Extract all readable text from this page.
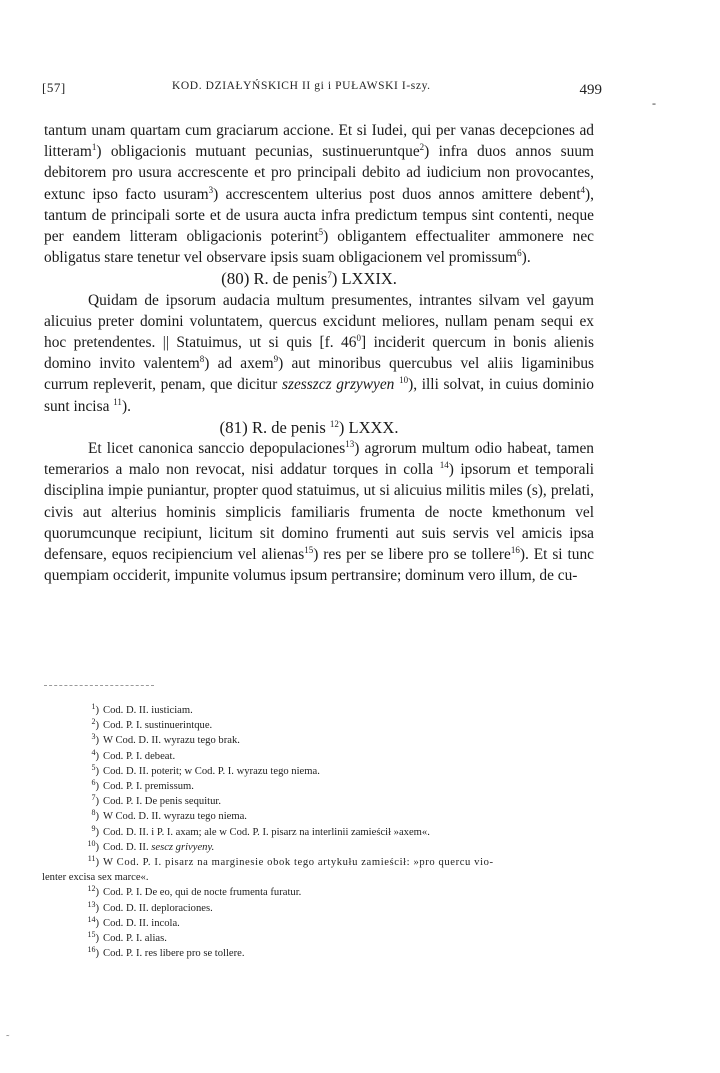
[57]	KOD. DZIAŁYŃSKICH II gi i PUŁAWSKI I-szy.	499
-

tantum unam quartam cum graciarum accione. Et si Iudei, qui per vanas decepciones ad litteram$^1$) obligacionis mutuant pecunias, sustinueruntque$^2$) infra duos annos suum debitorem pro usura accrescente et pro principali debito ad iudicium non provocantes, extunc ipso facto usuram$^3$) accrescentem ulterius post duos annos amittere debent$^4$), tantum de principali sorte et de usura aucta infra predictum tempus sint contenti, neque per eandem litteram obligacionis poterint$^5$) obligantem effectualiter ammonere nec obligatus stare tenetur vel observare ipsis suam obligacionem vel promissum$^6$).

(80) R. de penis$^7$) LXXIX.

Quidam de ipsorum audacia multum presumentes, intrantes silvam vel gayum alicuius preter domini voluntatem, quercus excidunt meliores, nullam penam sequi ex hoc pretendentes. || Statuimus, ut si quis [f. $46^0$] inciderit quercum in bonis alienis domino invito valentem$^8$) ad axem$^9$) aut minoribus quercubus vel aliis ligaminibus currum repleverit, penam, que dicitur szesszcz grzywyen $^{10}$), illi solvat, in cuius dominio sunt incisa $^{11}$).

(81) R. de penis $^{12}$) LXXX.

Et licet canonica sanccio depopulaciones$^{13}$) agrorum multum odio habeat, tamen temerarios a malo non revocat, nisi addatur torques in colla $^{14}$) ipsorum et temporali disciplina impie puniantur, propter quod statuimus, ut si alicuius militis miles (s), prelati, civis aut alterius hominis simplicis familiaris frumenta de nocte kmethonum vel quorumcunque recipiunt, licitum sit domino frumenti aut suis servis vel amicis ipsa defensare, equos recipiencium vel alienas$^{15}$) res per se libere pro se tollere$^{16}$). Et si tunc quempiam occiderit, impunite volumus ipsum pertransire; dominum vero illum, de cu-

$^1$) Cod. D. II. iusticiam.

$^2$) Cod. P. I. sustinuerintque.

$^3$) W Cod. D. II. wyrazu tego brak.

$^4$) Cod. P. I. debeat.

$^5$) Cod. D. II. poterit; w Cod. P. I. wyrazu tego niema.

$^6$) Cod. P. I. premissum.

$^7$) Cod. P. I. De penis sequitur.

$^8$) W Cod. D. II. wyrazu tego niema.

$^9$) Cod. D. II. i P. I. axam; ale w Cod. P. I. pisarz na interlinii zamieścił »axem«.

$^{10}$) Cod. D. II. sescz grivyeny.

$^{11}$) W Cod. P. I. pisarz na marginesie obok tego artykułu zamieścił: »pro quercu vio-

lenter excisa sex marce«.

$^{12}$) Cod. P. I. De eo, qui de nocte frumenta furatur.

$^{13}$) Cod. D. II. deploraciones.

$^{14}$) Cod. D. II. incola.

$^{15}$) Cod. P. I. alias.

$^{16}$) Cod. P. I. res libere pro se tollere.

˜
